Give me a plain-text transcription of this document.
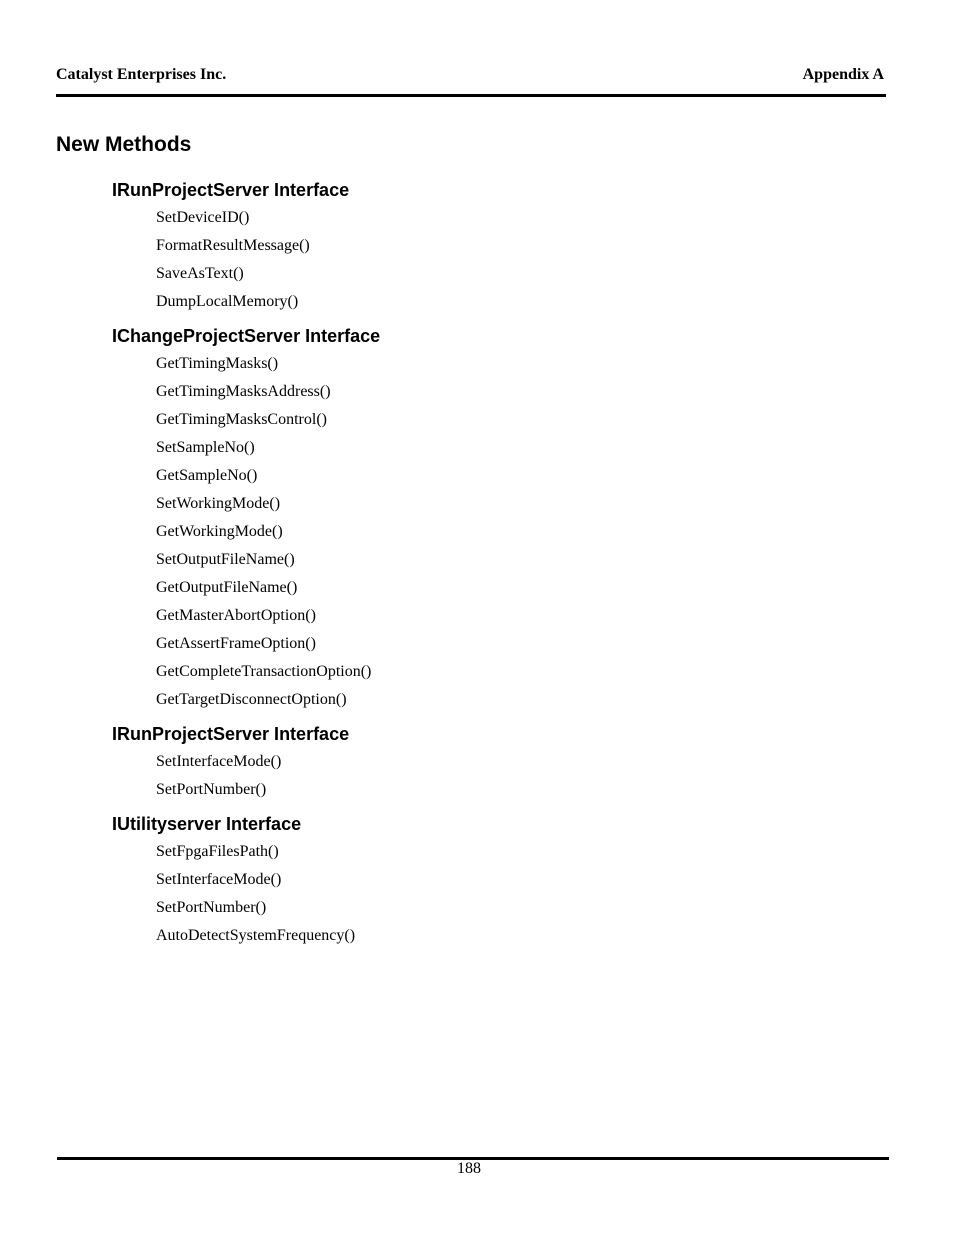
Catalyst Enterprises Inc.	Appendix A
New Methods
IRunProjectServer Interface
SetDeviceID()
FormatResultMessage()
SaveAsText()
DumpLocalMemory()
IChangeProjectServer Interface
GetTimingMasks()
GetTimingMasksAddress()
GetTimingMasksControl()
SetSampleNo()
GetSampleNo()
SetWorkingMode()
GetWorkingMode()
SetOutputFileName()
GetOutputFileName()
GetMasterAbortOption()
GetAssertFrameOption()
GetCompleteTransactionOption()
GetTargetDisconnectOption()
IRunProjectServer Interface
SetInterfaceMode()
SetPortNumber()
IUtilityserver Interface
SetFpgaFilesPath()
SetInterfaceMode()
SetPortNumber()
AutoDetectSystemFrequency()
188
